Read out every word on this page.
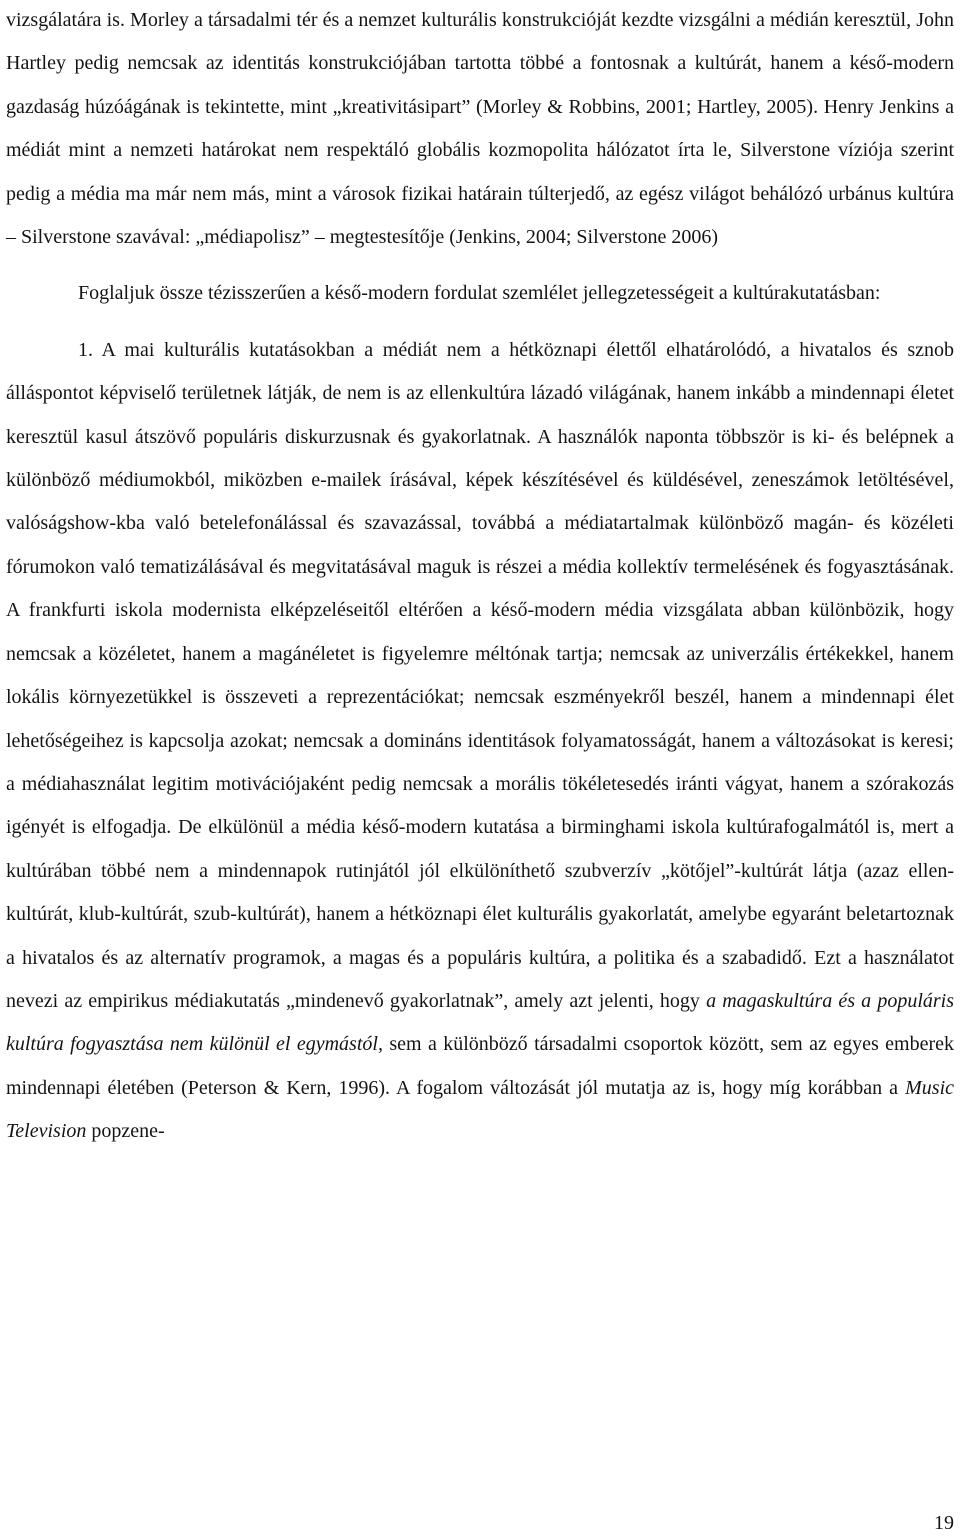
vizsgálatára is. Morley a társadalmi tér és a nemzet kulturális konstrukcióját kezdte vizsgálni a médián keresztül, John Hartley pedig nemcsak az identitás konstrukciójában tartotta többé a fontosnak a kultúrát, hanem a késő-modern gazdaság húzóágának is tekintette, mint „kreativitásipart” (Morley & Robbins, 2001; Hartley, 2005). Henry Jenkins a médiát mint a nemzeti határokat nem respektáló globális kozmopolita hálózatot írta le, Silverstone víziója szerint pedig a média ma már nem más, mint a városok fizikai határain túlterjedő, az egész világot behálózó urbánus kultúra – Silverstone szavával: „médiapolisz” – megtestesítője (Jenkins, 2004; Silverstone 2006)

Foglaljuk össze tézisszerűen a késő-modern fordulat szemlélet jellegzetességeit a kultúrakutatásban:

1. A mai kulturális kutatásokban a médiát nem a hétköznapi élettől elhatárolódó, a hivatalos és sznob álláspontot képviselő területnek látják, de nem is az ellenkultúra lázadó világának, hanem inkább a mindennapi életet keresztül kasul átszövő populáris diskurzusnak és gyakorlatnak. A használók naponta többször is ki- és belépnek a különböző médiumokból, miközben e-mailek írásával, képek készítésével és küldésével, zeneszámok letöltésével, valóságshow-kba való betelefonálással és szavazással, továbbá a médiatartalmak különböző magán- és közéleti fórumokon való tematizálásával és megvitatásával maguk is részei a média kollektív termelésének és fogyasztásának. A frankfurti iskola modernista elképzeléseitől eltérően a késő-modern média vizsgálata abban különbözik, hogy nemcsak a közéletet, hanem a magánéletet is figyelemre méltónak tartja; nemcsak az univerzális értékekkel, hanem lokális környezetükkel is összeveti a reprezentációkat; nemcsak eszményekről beszél, hanem a mindennapi élet lehetőségeihez is kapcsolja azokat; nemcsak a domináns identitások folyamatosságát, hanem a változásokat is keresi; a médiahasználat legitim motivációjaként pedig nemcsak a morális tökéletesedés iránti vágyat, hanem a szórakozás igényét is elfogadja. De elkülönül a média késő-modern kutatása a birminghami iskola kultúrafogalmától is, mert a kultúrában többé nem a mindennapok rutinjától jól elkülöníthető szubverzív „kötőjel”-kultúrát látja (azaz ellen-kultúrát, klub-kultúrát, szub-kultúrát), hanem a hétköznapi élet kulturális gyakorlatát, amelybe egyaránt beletartoznak a hivatalos és az alternatív programok, a magas és a populáris kultúra, a politika és a szabadidő. Ezt a használatot nevezi az empirikus médiakutatás „mindenevő gyakorlatnak”, amely azt jelenti, hogy a magaskultúra és a populáris kultúra fogyasztása nem különül el egymástól, sem a különböző társadalmi csoportok között, sem az egyes emberek mindennapi életében (Peterson & Kern, 1996). A fogalom változását jól mutatja az is, hogy míg korábban a Music Television popzene-

19
